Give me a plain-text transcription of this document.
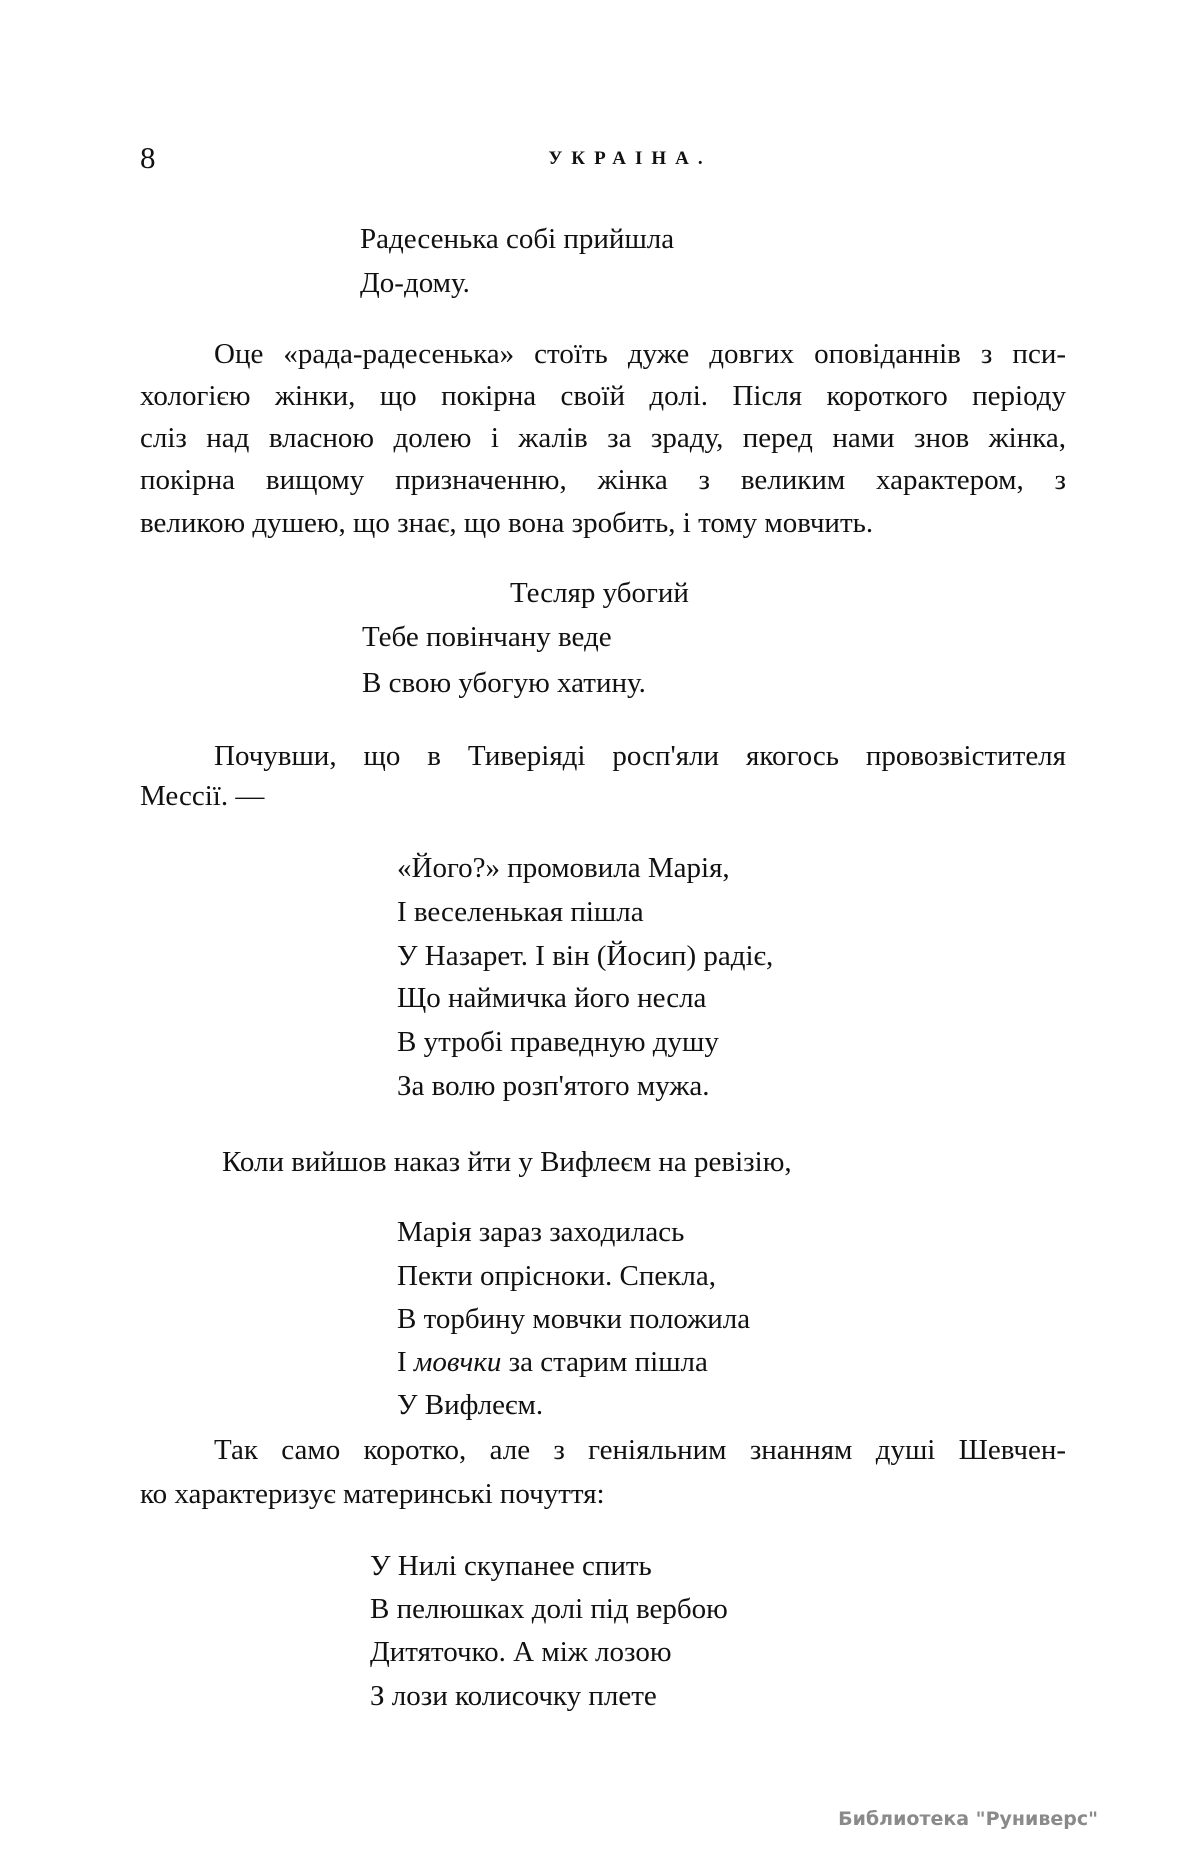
8	УКРАІНА.
Радесенька собі прийшла
До-дому.
Оце «рада-радесенька» стоїть дуже довгих оповіданнів з пси-
хологією жінки, що покірна своїй долі. Після короткого періоду
сліз над власною долею і жалів за зраду, перед нами знов жінка,
покірна вищому призначенню, жінка з великим характером, з
великою душею, що знає, що вона зробить, і тому мовчить.
Тесляр убогий
Тебе повінчану веде
В свою убогую хатину.
Почувши, що в Тиверіяді росп'яли якогось провозвістителя
Мессії. —
«Його?» промовила Марія,
І веселенькая пішла
У Назарет. І він (Йосип) радіє,
Що наймичка його несла
В утробі праведную душу
За волю розп'ятого мужа.
Коли вийшов наказ йти у Вифлеєм на ревізію,
Марія зараз заходилась
Пекти опрісноки. Спекла,
В торбину мовчки положила
І мовчки за старим пішла
У Вифлеєм.
Так само коротко, але з геніяльним знанням душі Шевчен-
ко характеризує материнські почуття:
У Нилі скупанее спить
В пелюшках долі під вербою
Дитяточко. А між лозою
З лози колисочку плете
Библиотека "Руниверс"
